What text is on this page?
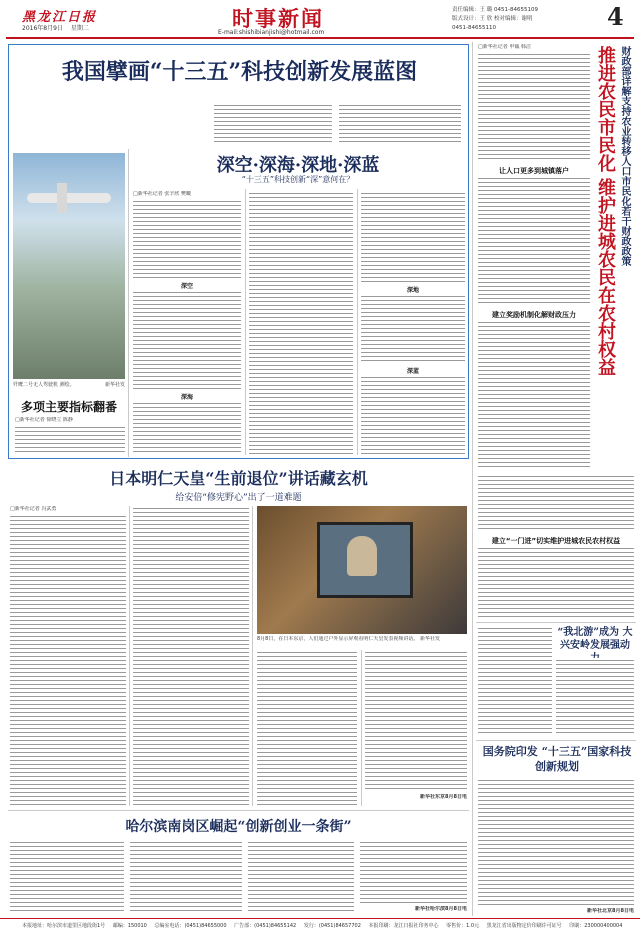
黑龙江日报
2016年8月9日 星期二	时事新闻
E-mail:shishibianjishi@hotmail.com
责任编辑：王 璐 0451-84655109
版式设计：王 欣 校对编辑：谢明
0451-84655110	4
我国擘画“十三五”科技创新发展蓝图
歼鹰二号无人驾驶机 测绘。	新华社发
多项主要指标翻番
□新华社记者 徐晓立 陈静
深空·深海·深地·深蓝
“十三五”科技创新“深”意何在？
□新华社记者 张辛欣 樊曦
深空
深海
深地
深蓝
日本明仁天皇“生前退位”讲话藏玄机
给安倍“修宪野心”出了一道难题
□新华社记者 冯武勇
8月8日，在日本东京，人们通过户外显示屏观看明仁天皇发表视频讲话。 新华社发
新华社东京8月8日电
哈尔滨南岗区崛起“创新创业一条街”
新华社哈尔滨8月8日电
□新华社记者 申铖 韩洁	财政部详解支持农业转移人口市民化若干财政政策
推进农民市民化 维护进城农民在农村权益
让人口更多到城镇落户
建立奖励机制化解财政压力
建立“一门进”切实维护进城农民农村权益
“我北游”成为 大兴安岭发展强动
国务院印发 “十三五”国家科技创新规划
新华社北京8月8日电
本报地址：哈尔滨市道里区地段街1号 邮编：150010 总编室电话：(0451)84655000 广告部：(0451)84655142 发行：(0451)84657702 本报印刷：龙江日报社印务中心 零售价：1.0元 黑龙江省出版物定价印刷许可证号 印刷：230000400004
